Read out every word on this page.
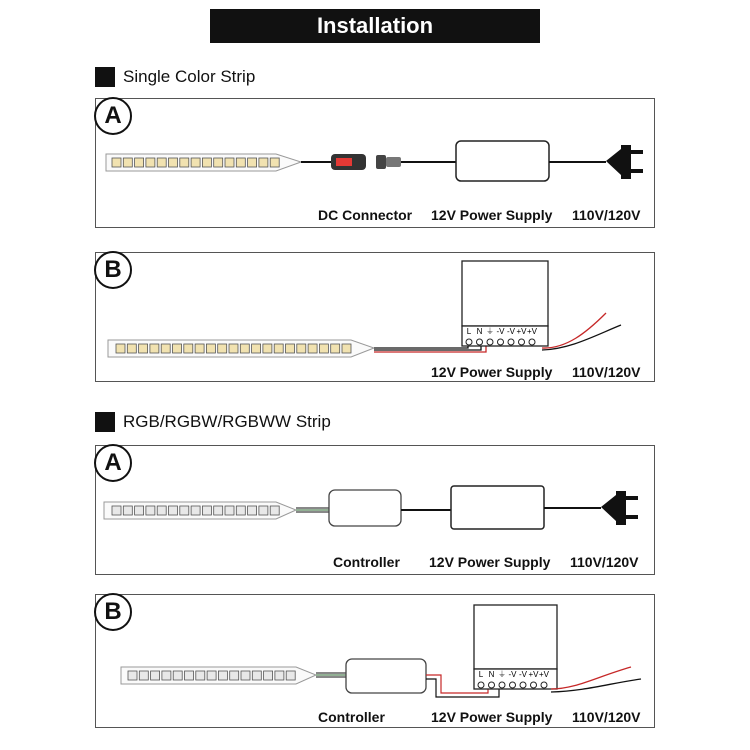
Installation
Single Color Strip
A
DC Connector 12V Power Supply 110V/120V
B
L N ⏚ -V -V +V +V
12V Power Supply 110V/120V
RGB/RGBW/RGBWW Strip
A
Controller 12V Power Supply 110V/120V
B
L N ⏚ -V -V +V +V
Controller	12V Power Supply 110V/120V
